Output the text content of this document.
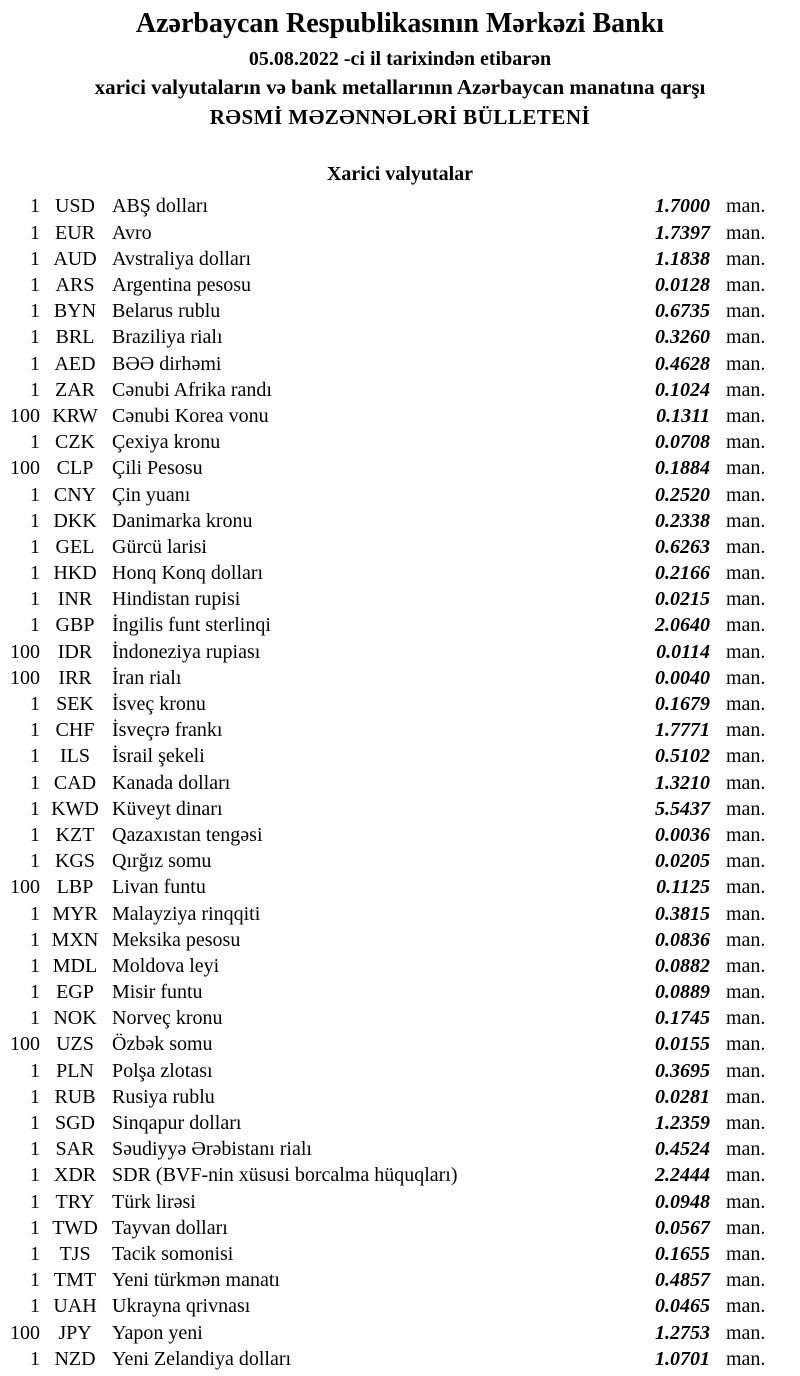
Azərbaycan Respublikasının Mərkəzi Bankı
05.08.2022 -ci il tarixindən etibarən
xarici valyutaların və bank metallarının Azərbaycan manatına qarşı
RƏSMİ MƏZƏNNƏLƏRİ BÜLLETENİ
Xarici valyutalar
1 USD ABŞ dolları	1.7000 man.
1 EUR Avro	1.7397 man.
1 AUD Avstraliya dolları	1.1838 man.
1 ARS Argentina pesosu	0.0128 man.
1 BYN Belarus rublu	0.6735 man.
1 BRL Braziliya rialı	0.3260 man.
1 AED BƏƏ dirhəmi	0.4628 man.
1 ZAR Cənubi Afrika randı	0.1024 man.
100 KRW Cənubi Korea vonu	0.1311 man.
1 CZK Çexiya kronu	0.0708 man.
100 CLP Çili Pesosu	0.1884 man.
1 CNY Çin yuanı	0.2520 man.
1 DKK Danimarka kronu	0.2338 man.
1 GEL Gürcü larisi	0.6263 man.
1 HKD Honq Konq dolları	0.2166 man.
1 INR Hindistan rupisi	0.0215 man.
1 GBP İngilis funt sterlinqi	2.0640 man.
100 IDR İndoneziya rupiası	0.0114 man.
100 IRR	İran rialı	0.0040 man.
1 SEK İsveç kronu	0.1679 man.
1 CHF İsveçrə frankı	1.7771 man.
1	ILS	İsrail şekeli	0.5102 man.
1 CAD Kanada dolları	1.3210 man.
1 KWD Küveyt dinarı	5.5437 man.
1 KZT Qazaxıstan tengəsi	0.0036 man.
1 KGS Qırğız somu	0.0205 man.
100 LBP Livan funtu	0.1125 man.
1 MYR Malayziya rinqqiti	0.3815 man.
1 MXN Meksika pesosu	0.0836 man.
1 MDL Moldova leyi	0.0882 man.
1 EGP Misir funtu	0.0889 man.
1 NOK Norveç kronu	0.1745 man.
100 UZS Özbək somu	0.0155 man.
1 PLN Polşa zlotası	0.3695 man.
1 RUB Rusiya rublu	0.0281 man.
1 SGD Sinqapur dolları	1.2359 man.
1 SAR Səudiyyə Ərəbistanı rialı	0.4524 man.
1 XDR SDR (BVF-nin xüsusi borcalma hüquqları)	2.2444 man.
1 TRY Türk lirəsi	0.0948 man.
1 TWD Tayvan dolları	0.0567 man.
1 TJS	Tacik somonisi	0.1655 man.
1 TMT Yeni türkmən manatı	0.4857 man.
1 UAH Ukrayna qrivnası	0.0465 man.
100 JPY	Yapon yeni	1.2753 man.
1 NZD Yeni Zelandiya dolları	1.0701 man.
